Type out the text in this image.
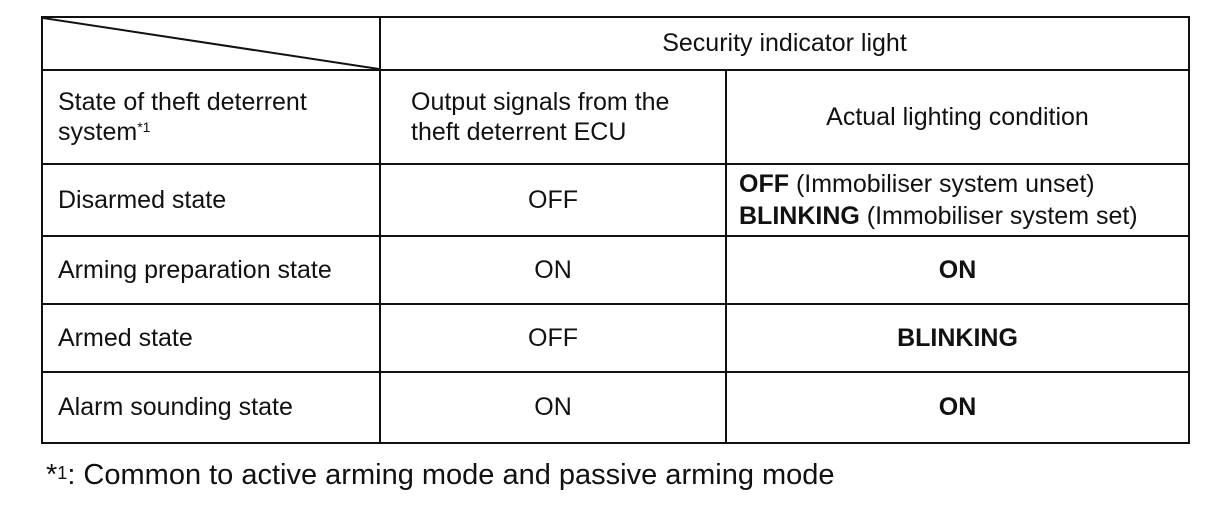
	Security indicator light	
State of theft deterrent system$^{*1}$	Output signals from the theft deterrent ECU	Actual lighting condition
Disarmed state	OFF	OFF (Immobiliser system unset)
BLINKING (Immobiliser system set)

Arming preparation state	ON	ON
Armed state	OFF	BLINKING
Alarm sounding state	ON	ON
*$^1$: Common to active arming mode and passive arming mode
